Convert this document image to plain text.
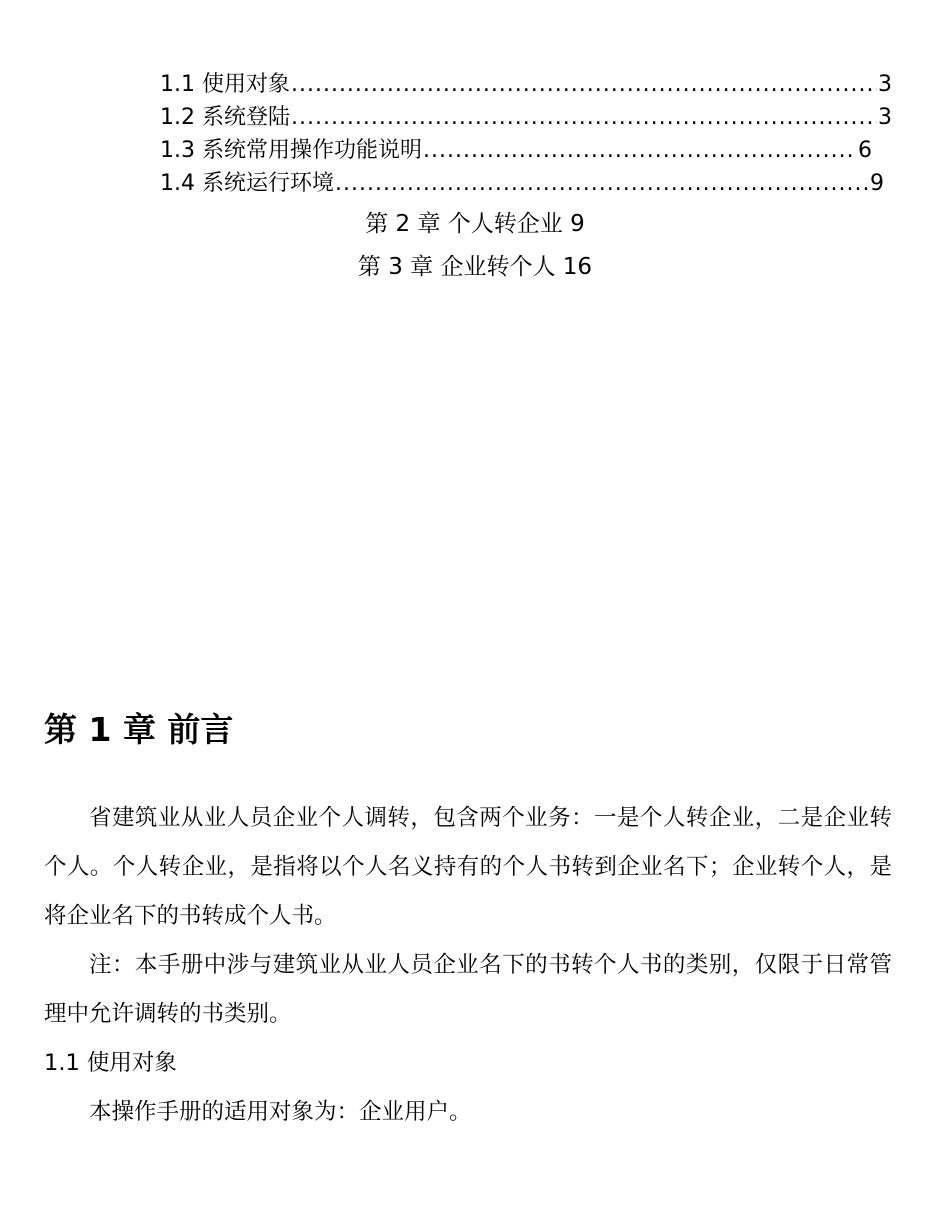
1.1 使用对象 .....	3
1.2 系统登陆 .....	3
1.3 系统常用操作功能说明 .....	6
1.4 系统运行环境 .....	9
第 2 章 个人转企业 9
第 3 章 企业转个人 16
第 1 章 前言

省建筑业从业人员企业个人调转，包含两个业务：一是个人转企业，二是企业转个人。个人转企业，是指将以个人名义持有的个人书转到企业名下；企业转个人，是将企业名下的书转成个人书。

注：本手册中涉与建筑业从业人员企业名下的书转个人书的类别，仅限于日常管理中允许调转的书类别。

1.1 使用对象

本操作手册的适用对象为：企业用户。
